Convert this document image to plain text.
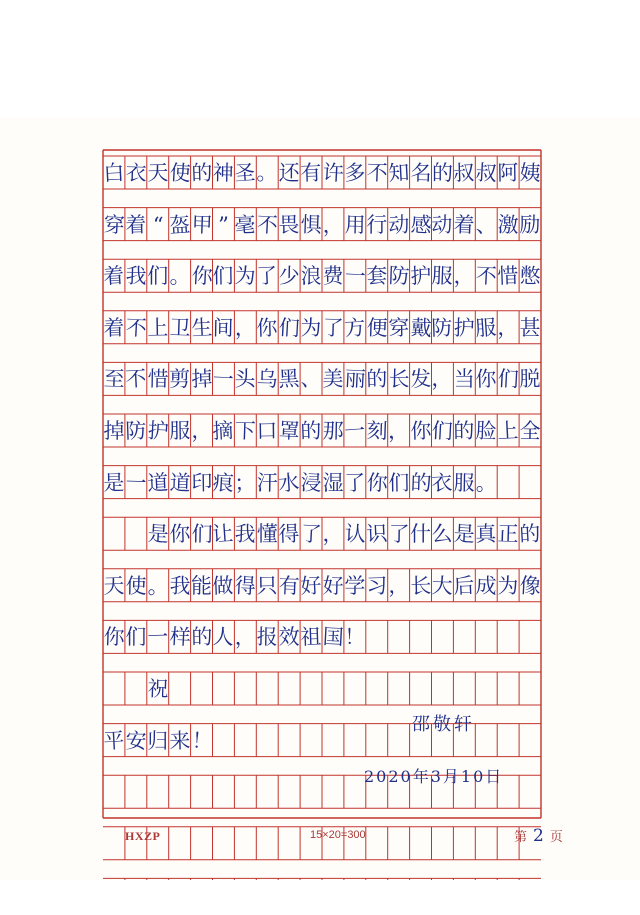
白 衣 天 使 的 神 圣 。 还 有 许 多 不 知 名 的 叔 叔 阿 姨
穿 着 “ 盔 甲 ” 毫 不 畏 惧 ， 用 行 动 感 动 着 、 激 励
着 我 们 。 你 们 为 了 少 浪 费 一 套 防 护 服 ， 不 惜 憋
着 不 上 卫 生 间 ， 你 们 为 了 方 便 穿 戴 防 护 服 ， 甚
至 不 惜 剪 掉 一 头 乌 黑 、 美 丽 的 长 发 ， 当 你 们 脱
掉 防 护 服 ， 摘 下 口 罩 的 那 一 刻 ， 你 们 的 脸 上 全
是 一 道 道 印 痕 ； 汗 水 浸 湿 了 你 们 的 衣 服 。

是 你 们 让 我 懂 得 了 ， 认 识 了 什 么 是 真 正 的
天 使 。 我 能 做 得 只 有 好 好 学 习 ， 长 大 后 成 为 像
你 们 一 样 的 人 ， 报 效 祖 国 ！

祝
平 安 归 来 ！
邵敬轩
2020年3月10日
HXZP	15×20=300	第 2 页
